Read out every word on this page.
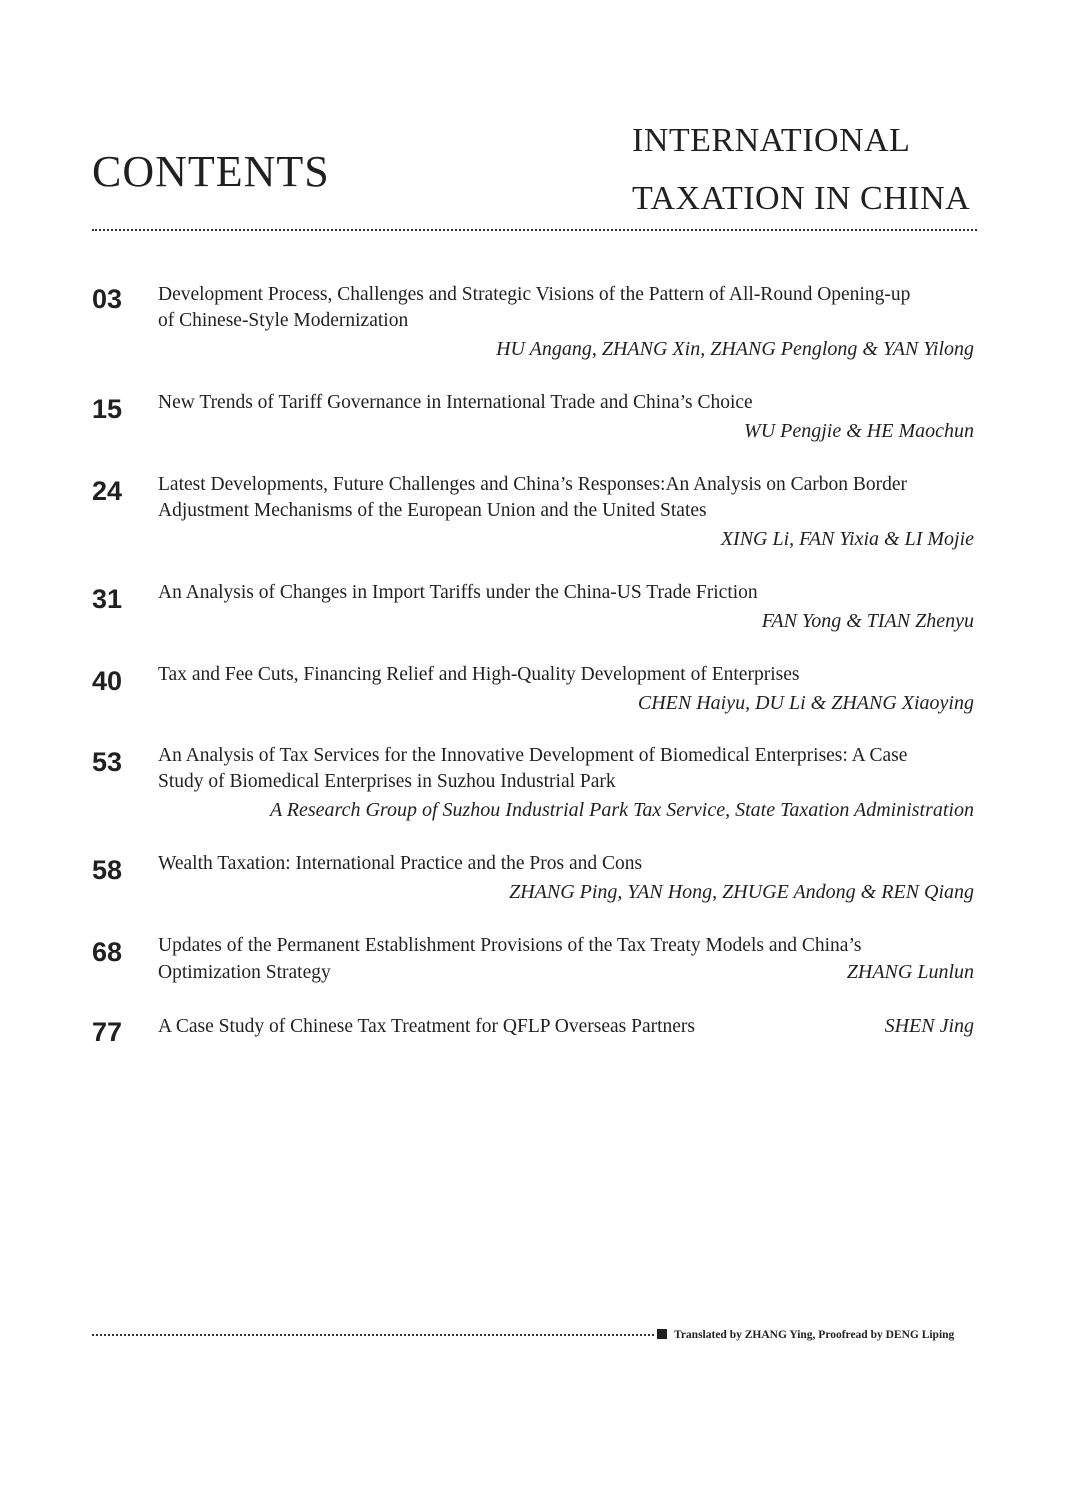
CONTENTS
INTERNATIONAL
TAXATION IN CHINA
03 Development Process, Challenges and Strategic Visions of the Pattern of All-Round Opening-up
of Chinese-Style Modernization
HU Angang, ZHANG Xin, ZHANG Penglong & YAN Yilong
15 New Trends of Tariff Governance in International Trade and China’s Choice
WU Pengjie & HE Maochun
24 Latest Developments, Future Challenges and China’s Responses:An Analysis on Carbon Border
Adjustment Mechanisms of the European Union and the United States
XING Li, FAN Yixia & LI Mojie
31 An Analysis of Changes in Import Tariffs under the China-US Trade Friction
FAN Yong & TIAN Zhenyu
40 Tax and Fee Cuts, Financing Relief and High-Quality Development of Enterprises
CHEN Haiyu, DU Li & ZHANG Xiaoying
53 An Analysis of Tax Services for the Innovative Development of Biomedical Enterprises: A Case
Study of Biomedical Enterprises in Suzhou Industrial Park
A Research Group of Suzhou Industrial Park Tax Service, State Taxation Administration
58 Wealth Taxation: International Practice and the Pros and Cons
ZHANG Ping, YAN Hong, ZHUGE Andong & REN Qiang
68 Updates of the Permanent Establishment Provisions of the Tax Treaty Models and China’s
Optimization Strategy	ZHANG Lunlun
77 A Case Study of Chinese Tax Treatment for QFLP Overseas Partners	SHEN Jing
Translated by ZHANG Ying, Proofread by DENG Liping
